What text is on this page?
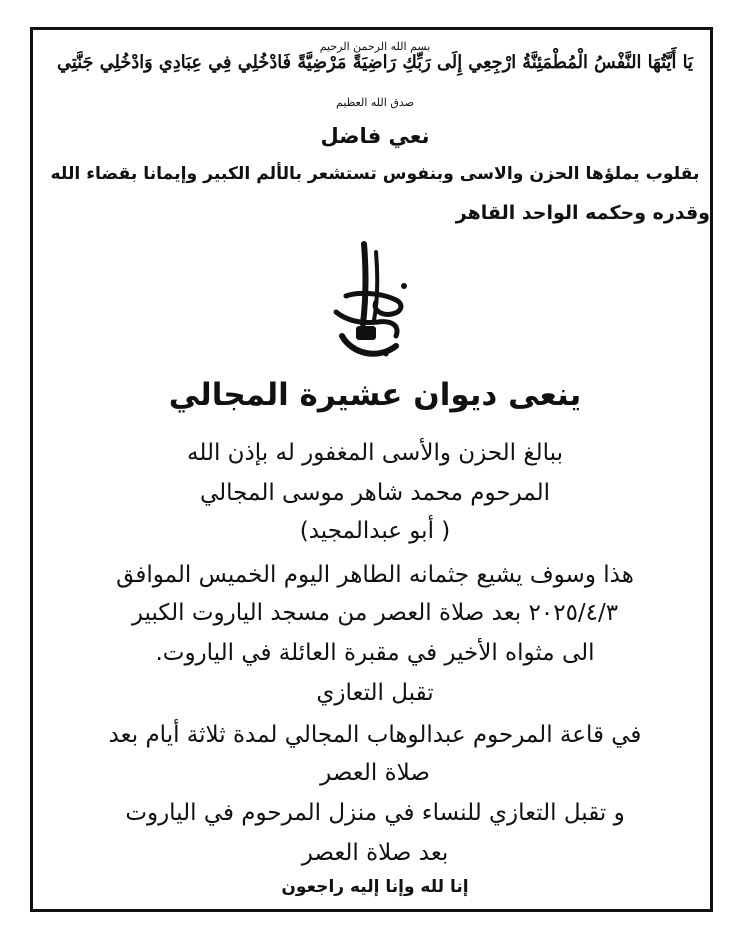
بسم الله الرحمن الرحيم
يَا أَيَّتُهَا النَّفْسُ الْمُطْمَئِنَّةُ ارْجِعِي إِلَى رَبِّكِ رَاضِيَةً مَرْضِيَّةً فَادْخُلِي فِي عِبَادِي وَادْخُلِي جَنَّتِي
صدق الله العظيم
نعي فاضل
بقلوب يملؤها الحزن والاسى وبنفوس تستشعر بالألم الكبير وإيمانا بقضاء الله
وقدره وحكمه الواحد القاهر
ينعى ديوان عشيرة المجالي
ببالغ الحزن والأسى المغفور له بإذن الله
المرحوم محمد شاهر موسى المجالي
( أبو عبدالمجيد)
هذا وسوف يشيع جثمانه الطاهر اليوم الخميس الموافق
٢٠٢٥/٤/٣ بعد صلاة العصر من مسجد الياروت الكبير
الى مثواه الأخير في مقبرة العائلة في الياروت.
تقبل التعازي
في قاعة المرحوم عبدالوهاب المجالي لمدة ثلاثة أيام بعد
صلاة العصر
و تقبل التعازي للنساء في منزل المرحوم في الياروت
بعد صلاة العصر
إنا لله وإنا إليه راجعون
